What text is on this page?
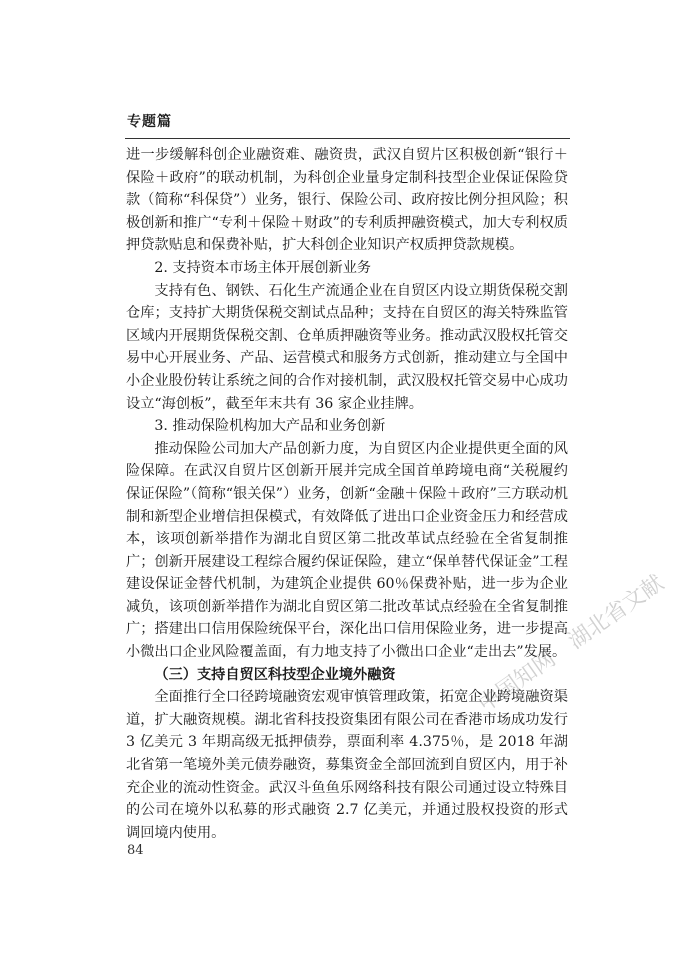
专题篇

进一步缓解科创企业融资难、融资贵，武汉自贸片区积极创新“银行＋保险＋政府”的联动机制，为科创企业量身定制科技型企业保证保险贷款（简称“科保贷”）业务，银行、保险公司、政府按比例分担风险；积极创新和推广“专利＋保险＋财政”的专利质押融资模式，加大专利权质押贷款贴息和保费补贴，扩大科创企业知识产权质押贷款规模。

2. 支持资本市场主体开展创新业务

支持有色、钢铁、石化生产流通企业在自贸区内设立期货保税交割仓库；支持扩大期货保税交割试点品种；支持在自贸区的海关特殊监管区域内开展期货保税交割、仓单质押融资等业务。推动武汉股权托管交易中心开展业务、产品、运营模式和服务方式创新，推动建立与全国中小企业股份转让系统之间的合作对接机制，武汉股权托管交易中心成功设立“海创板”，截至年末共有 36 家企业挂牌。

3. 推动保险机构加大产品和业务创新

推动保险公司加大产品创新力度，为自贸区内企业提供更全面的风险保障。在武汉自贸片区创新开展并完成全国首单跨境电商“关税履约保证保险”（简称“银关保”）业务，创新“金融＋保险＋政府”三方联动机制和新型企业增信担保模式，有效降低了进出口企业资金压力和经营成本，该项创新举措作为湖北自贸区第二批改革试点经验在全省复制推广；创新开展建设工程综合履约保证保险，建立“保单替代保证金”工程建设保证金替代机制，为建筑企业提供 60％保费补贴，进一步为企业减负，该项创新举措作为湖北自贸区第二批改革试点经验在全省复制推广；搭建出口信用保险统保平台，深化出口信用保险业务，进一步提高小微出口企业风险覆盖面，有力地支持了小微出口企业“走出去”发展。

（三）支持自贸区科技型企业境外融资

全面推行全口径跨境融资宏观审慎管理政策，拓宽企业跨境融资渠道，扩大融资规模。湖北省科技投资集团有限公司在香港市场成功发行 3 亿美元 3 年期高级无抵押债券，票面利率 4.375％，是 2018 年湖北省第一笔境外美元债券融资，募集资金全部回流到自贸区内，用于补充企业的流动性资金。武汉斗鱼鱼乐网络科技有限公司通过设立特殊目的公司在境外以私募的形式融资 2.7 亿美元，并通过股权投资的形式调回境内使用。

84
中国知网　湖北省文献
